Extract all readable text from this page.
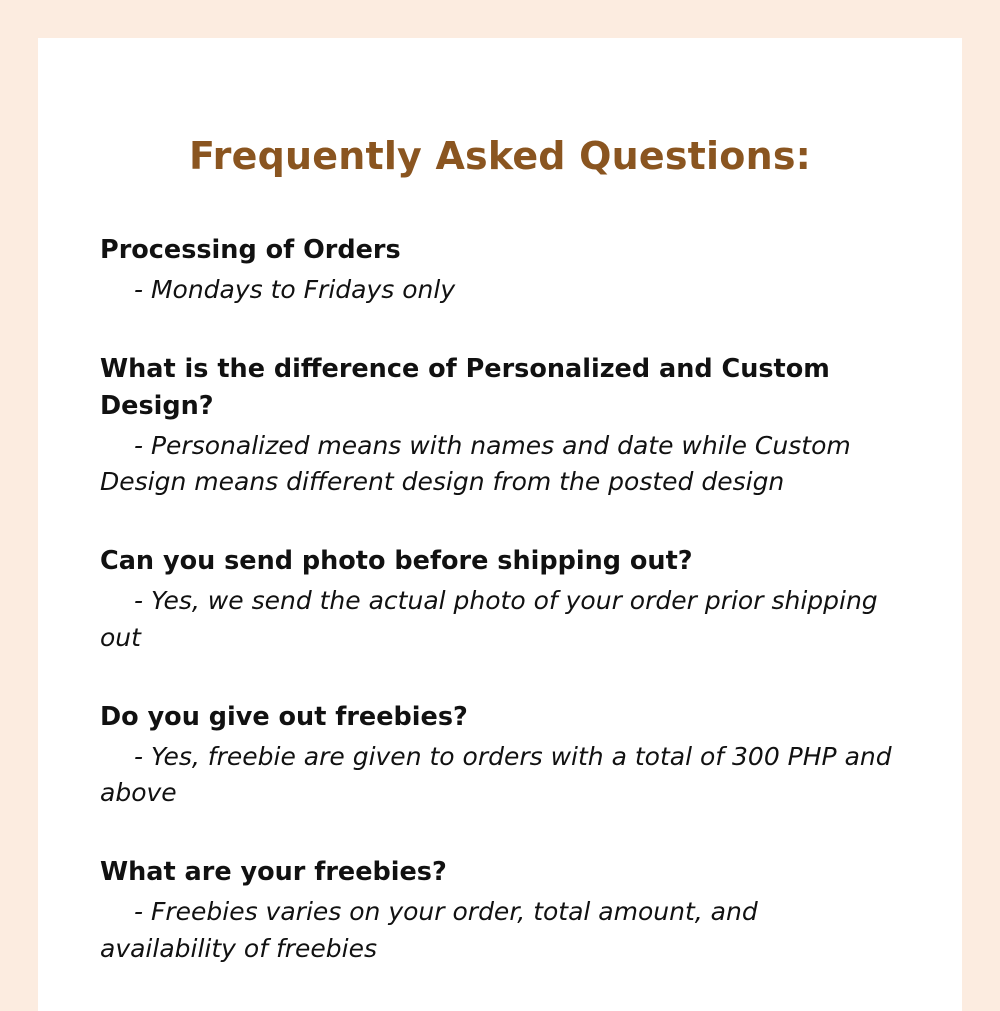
Frequently Asked Questions:

Processing of Orders

- Mondays to Fridays only

What is the difference of Personalized and Custom Design?

- Personalized means with names and date while Custom Design means different design from the posted design

Can you send photo before shipping out?

- Yes, we send the actual photo of your order prior shipping out

Do you give out freebies?

- Yes, freebie are given to orders with a total of 300 PHP and above

What are your freebies?

- Freebies varies on your order, total amount, and availability of freebies
